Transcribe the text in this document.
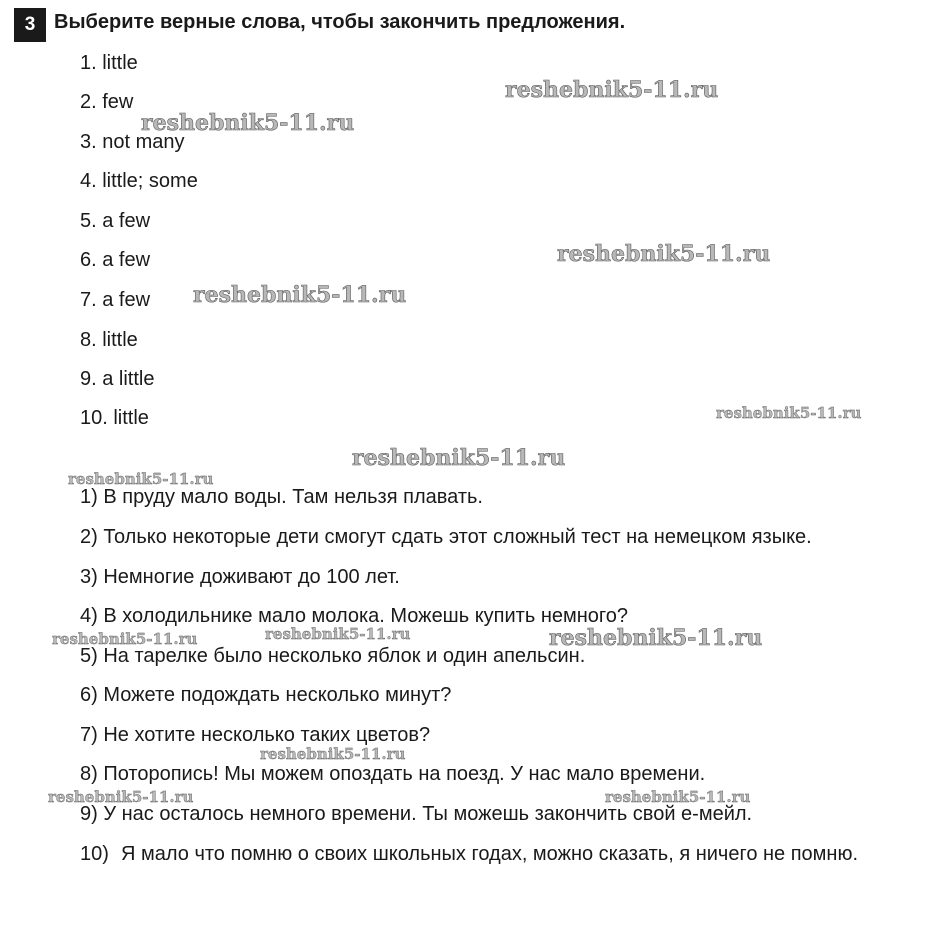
3 Выберите верные слова, чтобы закончить предложения.
1. little
2. few
3. not many
4. little; some
5. a few
6. a few
7. a few
8. little
9. a little
10. little
1) В пруду мало воды. Там нельзя плавать.
2) Только некоторые дети смогут сдать этот сложный тест на немецком языке.
3) Немногие доживают до 100 лет.
4) В холодильнике мало молока. Можешь купить немного?
5) На тарелке было несколько яблок и один апельсин.
6) Можете подождать несколько минут?
7) Не хотите несколько таких цветов?
8) Поторопись! Мы можем опоздать на поезд. У нас мало времени.
9) У нас осталось немного времени. Ты можешь закончить свой е-мейл.
10) Я мало что помню о своих школьных годах, можно сказать, я ничего не помню.
reshebnik5-11.ru
reshebnik5-11.ru
reshebnik5-11.ru
reshebnik5-11.ru
reshebnik5-11.ru
reshebnik5-11.ru
reshebnik5-11.ru
reshebnik5-11.ru	reshebnik5-11.ru	reshebnik5-11.ru
reshebnik5-11.ru
reshebnik5-11.ru	reshebnik5-11.ru
